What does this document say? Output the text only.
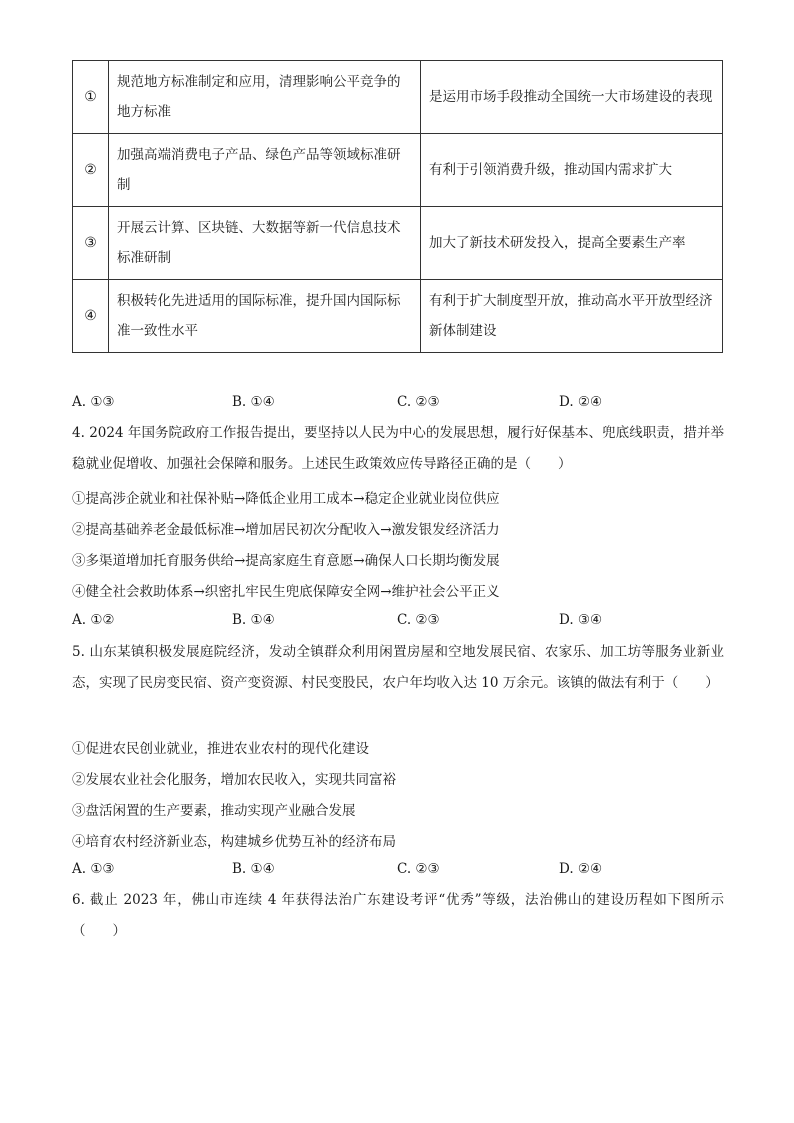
①	规范地方标准制定和应用，清理影响公平竞争的地方标准	是运用市场手段推动全国统一大市场建设的表现
②	加强高端消费电子产品、绿色产品等领域标准研制	有利于引领消费升级，推动国内需求扩大
③	开展云计算、区块链、大数据等新一代信息技术标准研制	加大了新技术研发投入，提高全要素生产率
④	积极转化先进适用的国际标准，提升国内国际标准一致性水平	有利于扩大制度型开放，推动高水平开放型经济新体制建设
A. ①③	B. ①④	C. ②③	D. ②④
4. 2024 年国务院政府工作报告提出，要坚持以人民为中心的发展思想，履行好保基本、兜底线职责，措并举稳就业促增收、加强社会保障和服务。上述民生政策效应传导路径正确的是（　　）
①提高涉企就业和社保补贴→降低企业用工成本→稳定企业就业岗位供应
②提高基础养老金最低标准→增加居民初次分配收入→激发银发经济活力
③多渠道增加托育服务供给→提高家庭生育意愿→确保人口长期均衡发展
④健全社会救助体系→织密扎牢民生兜底保障安全网→维护社会公平正义
A. ①②	B. ①④	C. ②③	D. ③④
5. 山东某镇积极发展庭院经济，发动全镇群众利用闲置房屋和空地发展民宿、农家乐、加工坊等服务业新业态，实现了民房变民宿、资产变资源、村民变股民，农户年均收入达 10 万余元。该镇的做法有利于（　　）
①促进农民创业就业，推进农业农村的现代化建设
②发展农业社会化服务，增加农民收入，实现共同富裕
③盘活闲置的生产要素，推动实现产业融合发展
④培育农村经济新业态，构建城乡优势互补的经济布局
A. ①③	B. ①④	C. ②③	D. ②④
6. 截止 2023 年，佛山市连续 4 年获得法治广东建设考评“优秀”等级，法治佛山的建设历程如下图所示（　　）
